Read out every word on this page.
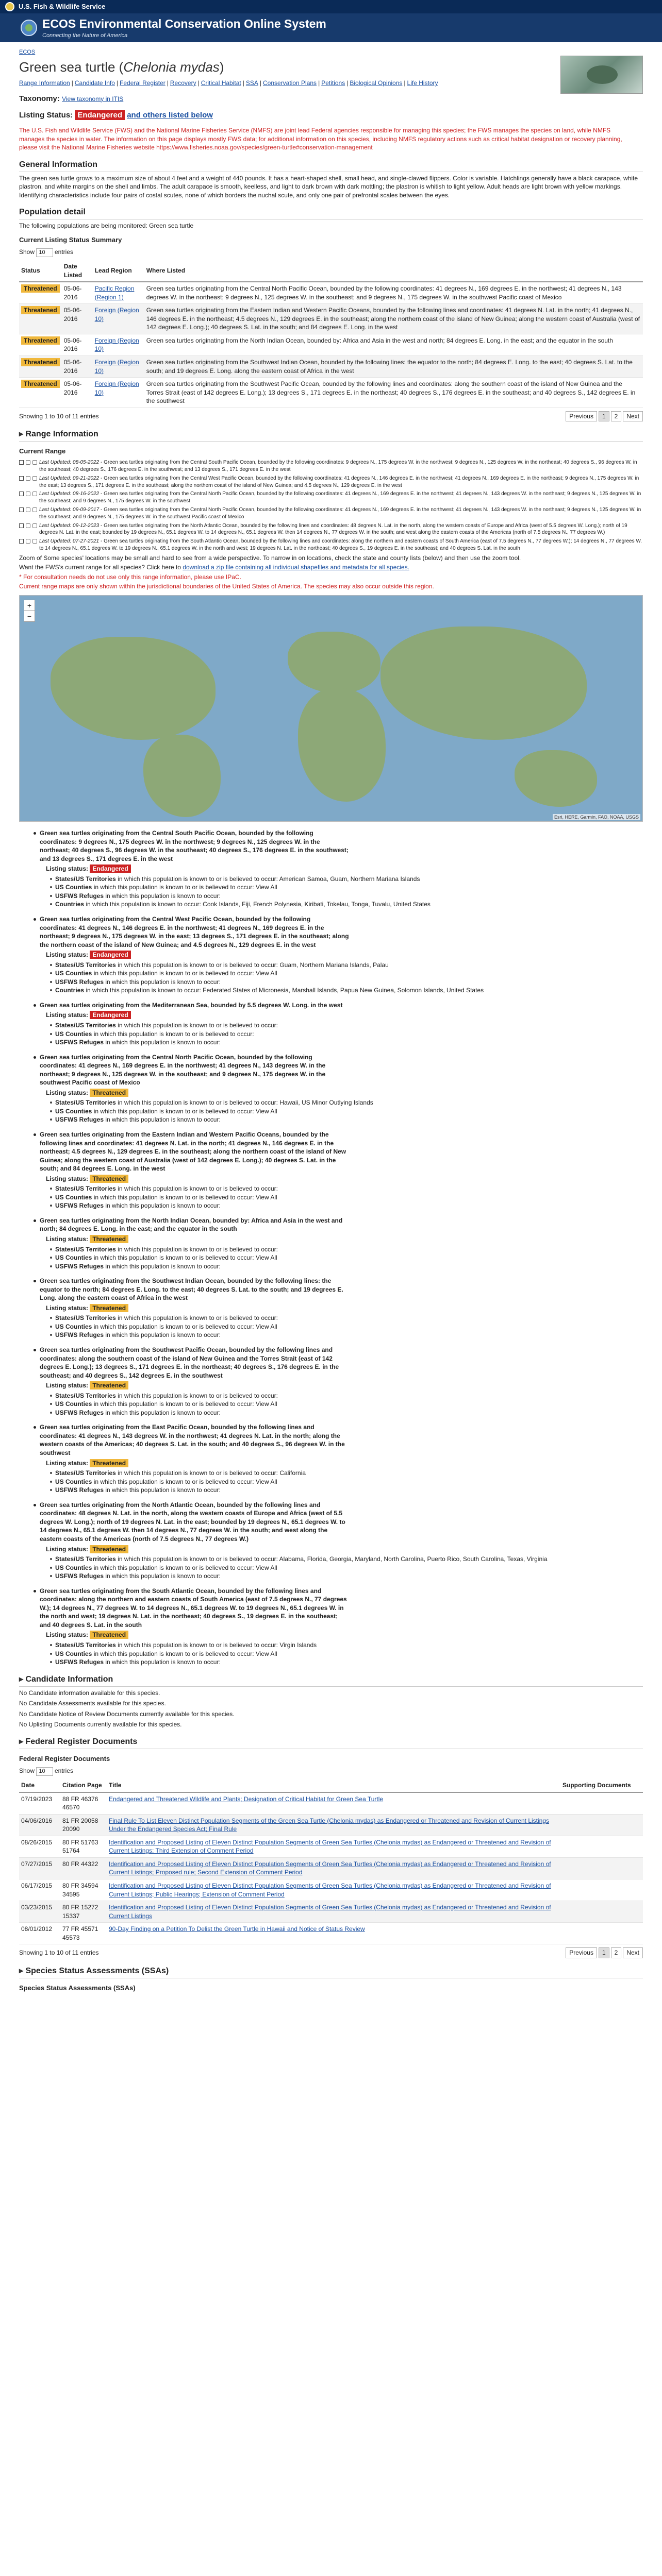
U.S. Fish & Wildlife Service
ECOS Environmental Conservation Online System
Connecting the Nature of America
ECOS
Green sea turtle (Chelonia mydas)
Range Information | Candidate Info | Federal Register | Recovery | Critical Habitat | SSA | Conservation Plans | Petitions | Biological Opinions | Life History
Taxonomy: View taxonomy in ITIS
Listing Status: Endangered and others listed below

The U.S. Fish and Wildlife Service (FWS) and the National Marine Fisheries Service (NMFS) are joint lead Federal agencies responsible for managing this species; the FWS manages the species on land, while NMFS manages the species in water. The information on this page displays mostly FWS data; for additional information on this species, including NMFS regulatory actions such as critical habitat designation or recovery planning, please visit the National Marine Fisheries website https://www.fisheries.noaa.gov/species/green-turtle#conservation-management

General Information

The green sea turtle grows to a maximum size of about 4 feet and a weight of 440 pounds. It has a heart-shaped shell, small head, and single-clawed flippers. Color is variable. Hatchlings generally have a black carapace, white plastron, and white margins on the shell and limbs. The adult carapace is smooth, keelless, and light to dark brown with dark mottling; the plastron is whitish to light yellow. Adult heads are light brown with yellow markings. Identifying characteristics include four pairs of costal scutes, none of which borders the nuchal scute, and only one pair of prefrontal scales between the eyes.

Population detail

The following populations are being monitored: Green sea turtle

Current Listing Status Summary
Show 10 entries
Status	Date Listed	Lead Region	Where Listed
Threatened	05-06-2016	Pacific Region (Region 1)	Green sea turtles originating from the Central North Pacific Ocean, bounded by the following coordinates: 41 degrees N., 169 degrees E. in the northwest; 41 degrees N., 143 degrees W. in the northeast; 9 degrees N., 125 degrees W. in the southeast; and 9 degrees N., 175 degrees W. in the southwest Pacific coast of Mexico
Threatened	05-06-2016	Foreign (Region 10)	Green sea turtles originating from the Eastern Indian and Western Pacific Oceans, bounded by the following lines and coordinates: 41 degrees N. Lat. in the north; 41 degrees N., 146 degrees E. in the northeast; 4.5 degrees N., 129 degrees E. in the southeast; along the northern coast of the island of New Guinea; along the western coast of Australia (west of 142 degrees E. Long.); 40 degrees S. Lat. in the south; and 84 degrees E. Long. in the west
Threatened	05-06-2016	Foreign (Region 10)	Green sea turtles originating from the North Indian Ocean, bounded by: Africa and Asia in the west and north; 84 degrees E. Long. in the east; and the equator in the south
Threatened	05-06-2016	Foreign (Region 10)	Green sea turtles originating from the Southwest Indian Ocean, bounded by the following lines: the equator to the north; 84 degrees E. Long. to the east; 40 degrees S. Lat. to the south; and 19 degrees E. Long. along the eastern coast of Africa in the west
Threatened	05-06-2016	Foreign (Region 10)	Green sea turtles originating from the Southwest Pacific Ocean, bounded by the following lines and coordinates: along the southern coast of the island of New Guinea and the Torres Strait (east of 142 degrees E. Long.); 13 degrees S., 171 degrees E. in the northeast; 40 degrees S., 176 degrees E. in the southeast; and 40 degrees S., 142 degrees E. in the southwest
Showing 1 to 10 of 11 entries	Previous 1 2 Next
▸ Range Information
Current Range
Last Updated: 08-05-2022 - Green sea turtles originating from the Central South Pacific Ocean, bounded by the following coordinates: 9 degrees N., 175 degrees W. in the northwest; 9 degrees N., 125 degrees W. in the northeast; 40 degrees S., 96 degrees W. in the southeast; 40 degrees S., 176 degrees E. in the southwest; and 13 degrees S., 171 degrees E. in the west
Last Updated: 09-21-2022 - Green sea turtles originating from the Central West Pacific Ocean, bounded by the following coordinates: 41 degrees N., 146 degrees E. in the northwest; 41 degrees N., 169 degrees E. in the northeast; 9 degrees N., 175 degrees W. in the east; 13 degrees S., 171 degrees E. in the southeast; along the northern coast of the island of New Guinea; and 4.5 degrees N., 129 degrees E. in the west
Last Updated: 08-16-2022 - Green sea turtles originating from the Central North Pacific Ocean, bounded by the following coordinates: 41 degrees N., 169 degrees E. in the northwest; 41 degrees N., 143 degrees W. in the northeast; 9 degrees N., 125 degrees W. in the southeast; and 9 degrees N., 175 degrees W. in the southwest
Last Updated: 09-09-2017 - Green sea turtles originating from the Central North Pacific Ocean, bounded by the following coordinates: 41 degrees N., 169 degrees E. in the northwest; 41 degrees N., 143 degrees W. in the northeast; 9 degrees N., 125 degrees W. in the southeast; and 9 degrees N., 175 degrees W. in the southwest Pacific coast of Mexico
Last Updated: 09-12-2023 - Green sea turtles originating from the North Atlantic Ocean, bounded by the following lines and coordinates: 48 degrees N. Lat. in the north, along the western coasts of Europe and Africa (west of 5.5 degrees W. Long.); north of 19 degrees N. Lat. in the east; bounded by 19 degrees N., 65.1 degrees W. to 14 degrees N., 65.1 degrees W. then 14 degrees N., 77 degrees W. in the south; and west along the eastern coasts of the Americas (north of 7.5 degrees N., 77 degrees W.)
Last Updated: 07-27-2021 - Green sea turtles originating from the South Atlantic Ocean, bounded by the following lines and coordinates: along the northern and eastern coasts of South America (east of 7.5 degrees N., 77 degrees W.); 14 degrees N., 77 degrees W. to 14 degrees N., 65.1 degrees W. to 19 degrees N., 65.1 degrees W. in the north and west; 19 degrees N. Lat. in the northeast; 40 degrees S., 19 degrees E. in the southeast; and 40 degrees S. Lat. in the south

Zoom of Some species' locations may be small and hard to see from a wide perspective. To narrow in on locations, check the state and county lists (below) and then use the zoom tool.

Want the FWS's current range for all species? Click here to download a zip file containing all individual shapefiles and metadata for all species.

* For consultation needs do not use only this range information, please use IPaC.

Current range maps are only shown within the jurisdictional boundaries of the United States of America. The species may also occur outside this region.

+
−
Esri, HERE, Garmin, FAO, NOAA, USGS
Green sea turtles originating from the Central South Pacific Ocean, bounded by the following coordinates: 9 degrees N., 175 degrees W. in the northwest; 9 degrees N., 125 degrees W. in the northeast; 40 degrees S., 96 degrees W. in the southeast; 40 degrees S., 176 degrees E. in the southwest; and 13 degrees S., 171 degrees E. in the west
Listing status: Endangered
States/US Territories in which this population is known to or is believed to occur: American Samoa, Guam, Northern Mariana Islands
US Counties in which this population is known to or is believed to occur: View All
USFWS Refuges in which this population is known to occur:
Countries in which this population is known to occur: Cook Islands, Fiji, French Polynesia, Kiribati, Tokelau, Tonga, Tuvalu, United States
Green sea turtles originating from the Central West Pacific Ocean, bounded by the following coordinates: 41 degrees N., 146 degrees E. in the northwest; 41 degrees N., 169 degrees E. in the northeast; 9 degrees N., 175 degrees W. in the east; 13 degrees S., 171 degrees E. in the southeast; along the northern coast of the island of New Guinea; and 4.5 degrees N., 129 degrees E. in the west
Listing status: Endangered
States/US Territories in which this population is known to or is believed to occur: Guam, Northern Mariana Islands, Palau
US Counties in which this population is known to or is believed to occur: View All
USFWS Refuges in which this population is known to occur:
Countries in which this population is known to occur: Federated States of Micronesia, Marshall Islands, Papua New Guinea, Solomon Islands, United States
Green sea turtles originating from the Mediterranean Sea, bounded by 5.5 degrees W. Long. in the west
Listing status: Endangered
States/US Territories in which this population is known to or is believed to occur:
US Counties in which this population is known to or is believed to occur:
USFWS Refuges in which this population is known to occur:
Green sea turtles originating from the Central North Pacific Ocean, bounded by the following coordinates: 41 degrees N., 169 degrees E. in the northwest; 41 degrees N., 143 degrees W. in the northeast; 9 degrees N., 125 degrees W. in the southeast; and 9 degrees N., 175 degrees W. in the southwest Pacific coast of Mexico
Listing status: Threatened
States/US Territories in which this population is known to or is believed to occur: Hawaii, US Minor Outlying Islands
US Counties in which this population is known to or is believed to occur: View All
USFWS Refuges in which this population is known to occur:
Green sea turtles originating from the Eastern Indian and Western Pacific Oceans, bounded by the following lines and coordinates: 41 degrees N. Lat. in the north; 41 degrees N., 146 degrees E. in the northeast; 4.5 degrees N., 129 degrees E. in the southeast; along the northern coast of the island of New Guinea; along the western coast of Australia (west of 142 degrees E. Long.); 40 degrees S. Lat. in the south; and 84 degrees E. Long. in the west
Listing status: Threatened
States/US Territories in which this population is known to or is believed to occur:
US Counties in which this population is known to or is believed to occur: View All
USFWS Refuges in which this population is known to occur:
Green sea turtles originating from the North Indian Ocean, bounded by: Africa and Asia in the west and north; 84 degrees E. Long. in the east; and the equator in the south
Listing status: Threatened
States/US Territories in which this population is known to or is believed to occur:
US Counties in which this population is known to or is believed to occur: View All
USFWS Refuges in which this population is known to occur:
Green sea turtles originating from the Southwest Indian Ocean, bounded by the following lines: the equator to the north; 84 degrees E. Long. to the east; 40 degrees S. Lat. to the south; and 19 degrees E. Long. along the eastern coast of Africa in the west
Listing status: Threatened
States/US Territories in which this population is known to or is believed to occur:
US Counties in which this population is known to or is believed to occur: View All
USFWS Refuges in which this population is known to occur:
Green sea turtles originating from the Southwest Pacific Ocean, bounded by the following lines and coordinates: along the southern coast of the island of New Guinea and the Torres Strait (east of 142 degrees E. Long.); 13 degrees S., 171 degrees E. in the northeast; 40 degrees S., 176 degrees E. in the southeast; and 40 degrees S., 142 degrees E. in the southwest
Listing status: Threatened
States/US Territories in which this population is known to or is believed to occur:
US Counties in which this population is known to or is believed to occur: View All
USFWS Refuges in which this population is known to occur:
Green sea turtles originating from the East Pacific Ocean, bounded by the following lines and coordinates: 41 degrees N., 143 degrees W. in the northwest; 41 degrees N. Lat. in the north; along the western coasts of the Americas; 40 degrees S. Lat. in the south; and 40 degrees S., 96 degrees W. in the southwest
Listing status: Threatened
States/US Territories in which this population is known to or is believed to occur: California
US Counties in which this population is known to or is believed to occur: View All
USFWS Refuges in which this population is known to occur:
Green sea turtles originating from the North Atlantic Ocean, bounded by the following lines and coordinates: 48 degrees N. Lat. in the north, along the western coasts of Europe and Africa (west of 5.5 degrees W. Long.); north of 19 degrees N. Lat. in the east; bounded by 19 degrees N., 65.1 degrees W. to 14 degrees N., 65.1 degrees W. then 14 degrees N., 77 degrees W. in the south; and west along the eastern coasts of the Americas (north of 7.5 degrees N., 77 degrees W.)
Listing status: Threatened
States/US Territories in which this population is known to or is believed to occur: Alabama, Florida, Georgia, Maryland, North Carolina, Puerto Rico, South Carolina, Texas, Virginia
US Counties in which this population is known to or is believed to occur: View All
USFWS Refuges in which this population is known to occur:
Green sea turtles originating from the South Atlantic Ocean, bounded by the following lines and coordinates: along the northern and eastern coasts of South America (east of 7.5 degrees N., 77 degrees W.); 14 degrees N., 77 degrees W. to 14 degrees N., 65.1 degrees W. to 19 degrees N., 65.1 degrees W. in the north and west; 19 degrees N. Lat. in the northeast; 40 degrees S., 19 degrees E. in the southeast; and 40 degrees S. Lat. in the south
Listing status: Threatened
States/US Territories in which this population is known to or is believed to occur: Virgin Islands
US Counties in which this population is known to or is believed to occur: View All
USFWS Refuges in which this population is known to occur:
▸ Candidate Information

No Candidate information available for this species.

No Candidate Assessments available for this species.

No Candidate Notice of Review Documents currently available for this species.

No Uplisting Documents currently available for this species.

▸ Federal Register Documents
Federal Register Documents
Show 10 entries
Date	Citation Page	Title	Supporting Documents
07/19/2023	88 FR 46376 46570	Endangered and Threatened Wildlife and Plants; Designation of Critical Habitat for Green Sea Turtle	
04/06/2016	81 FR 20058 20090	Final Rule To List Eleven Distinct Population Segments of the Green Sea Turtle (Chelonia mydas) as Endangered or Threatened and Revision of Current Listings Under the Endangered Species Act; Final Rule	
08/26/2015	80 FR 51763 51764	Identification and Proposed Listing of Eleven Distinct Population Segments of Green Sea Turtles (Chelonia mydas) as Endangered or Threatened and Revision of Current Listings; Third Extension of Comment Period	
07/27/2015	80 FR 44322	Identification and Proposed Listing of Eleven Distinct Population Segments of Green Sea Turtles (Chelonia mydas) as Endangered or Threatened and Revision of Current Listings; Proposed rule; Second Extension of Comment Period	
06/17/2015	80 FR 34594 34595	Identification and Proposed Listing of Eleven Distinct Population Segments of Green Sea Turtles (Chelonia mydas) as Endangered or Threatened and Revision of Current Listings; Public Hearings; Extension of Comment Period	
03/23/2015	80 FR 15272 15337	Identification and Proposed Listing of Eleven Distinct Population Segments of Green Sea Turtles (Chelonia mydas) as Endangered or Threatened and Revision of Current Listings	
08/01/2012	77 FR 45571 45573	90-Day Finding on a Petition To Delist the Green Turtle in Hawaii and Notice of Status Review	
Showing 1 to 10 of 11 entries	Previous 1 2 Next
▸ Species Status Assessments (SSAs)
Species Status Assessments (SSAs)
